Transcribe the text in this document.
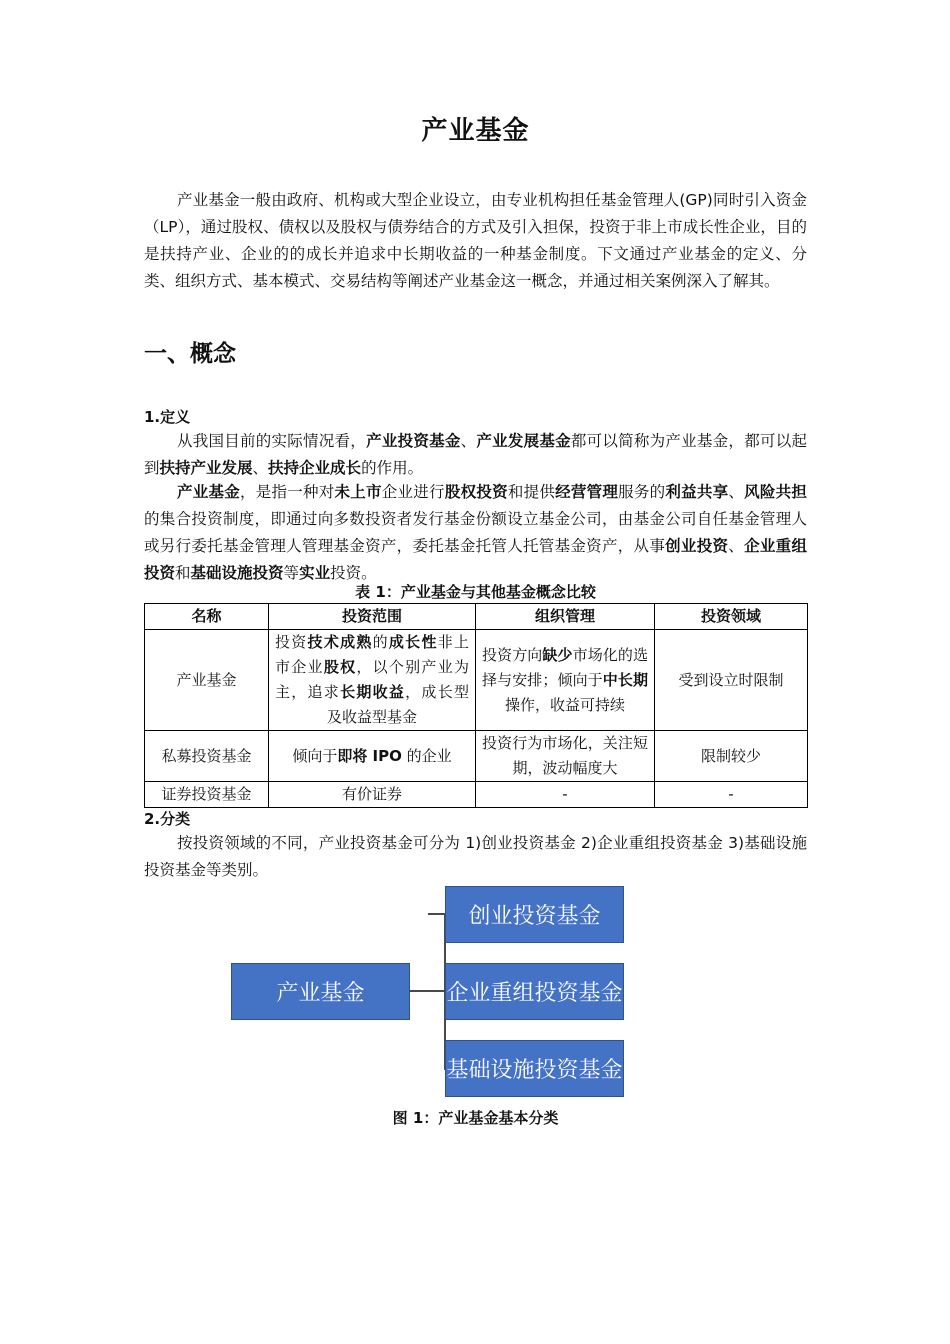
产业基金

产业基金一般由政府、机构或大型企业设立，由专业机构担任基金管理人(GP)同时引入资金（LP），通过股权、债权以及股权与债券结合的方式及引入担保，投资于非上市成长性企业，目的是扶持产业、企业的的成长并追求中长期收益的一种基金制度。下文通过产业基金的定义、分类、组织方式、基本模式、交易结构等阐述产业基金这一概念，并通过相关案例深入了解其。

一、概念
1.定义

从我国目前的实际情况看，产业投资基金、产业发展基金都可以简称为产业基金，都可以起到扶持产业发展、扶持企业成长的作用。

产业基金，是指一种对未上市企业进行股权投资和提供经营管理服务的利益共享、风险共担的集合投资制度，即通过向多数投资者发行基金份额设立基金公司，由基金公司自任基金管理人或另行委托基金管理人管理基金资产，委托基金托管人托管基金资产，从事创业投资、企业重组投资和基础设施投资等实业投资。

表 1：产业基金与其他基金概念比较
名称	投资范围	组织管理	投资领域
产业基金	投资技术成熟的成长性非上市企业股权，以个别产业为主，追求长期收益，成长型及收益型基金	投资方向缺少市场化的选择与安排；倾向于中长期操作，收益可持续	受到设立时限制
私募投资基金	倾向于即将 IPO 的企业	投资行为市场化，关注短期，波动幅度大	限制较少
证券投资基金	有价证券	-	-
2.分类

按投资领域的不同，产业投资基金可分为 1)创业投资基金 2)企业重组投资基金 3)基础设施投资基金等类别。

图 1：产业基金基本分类
产业基金
创业投资基金
企业重组投资基金
基础设施投资基金
